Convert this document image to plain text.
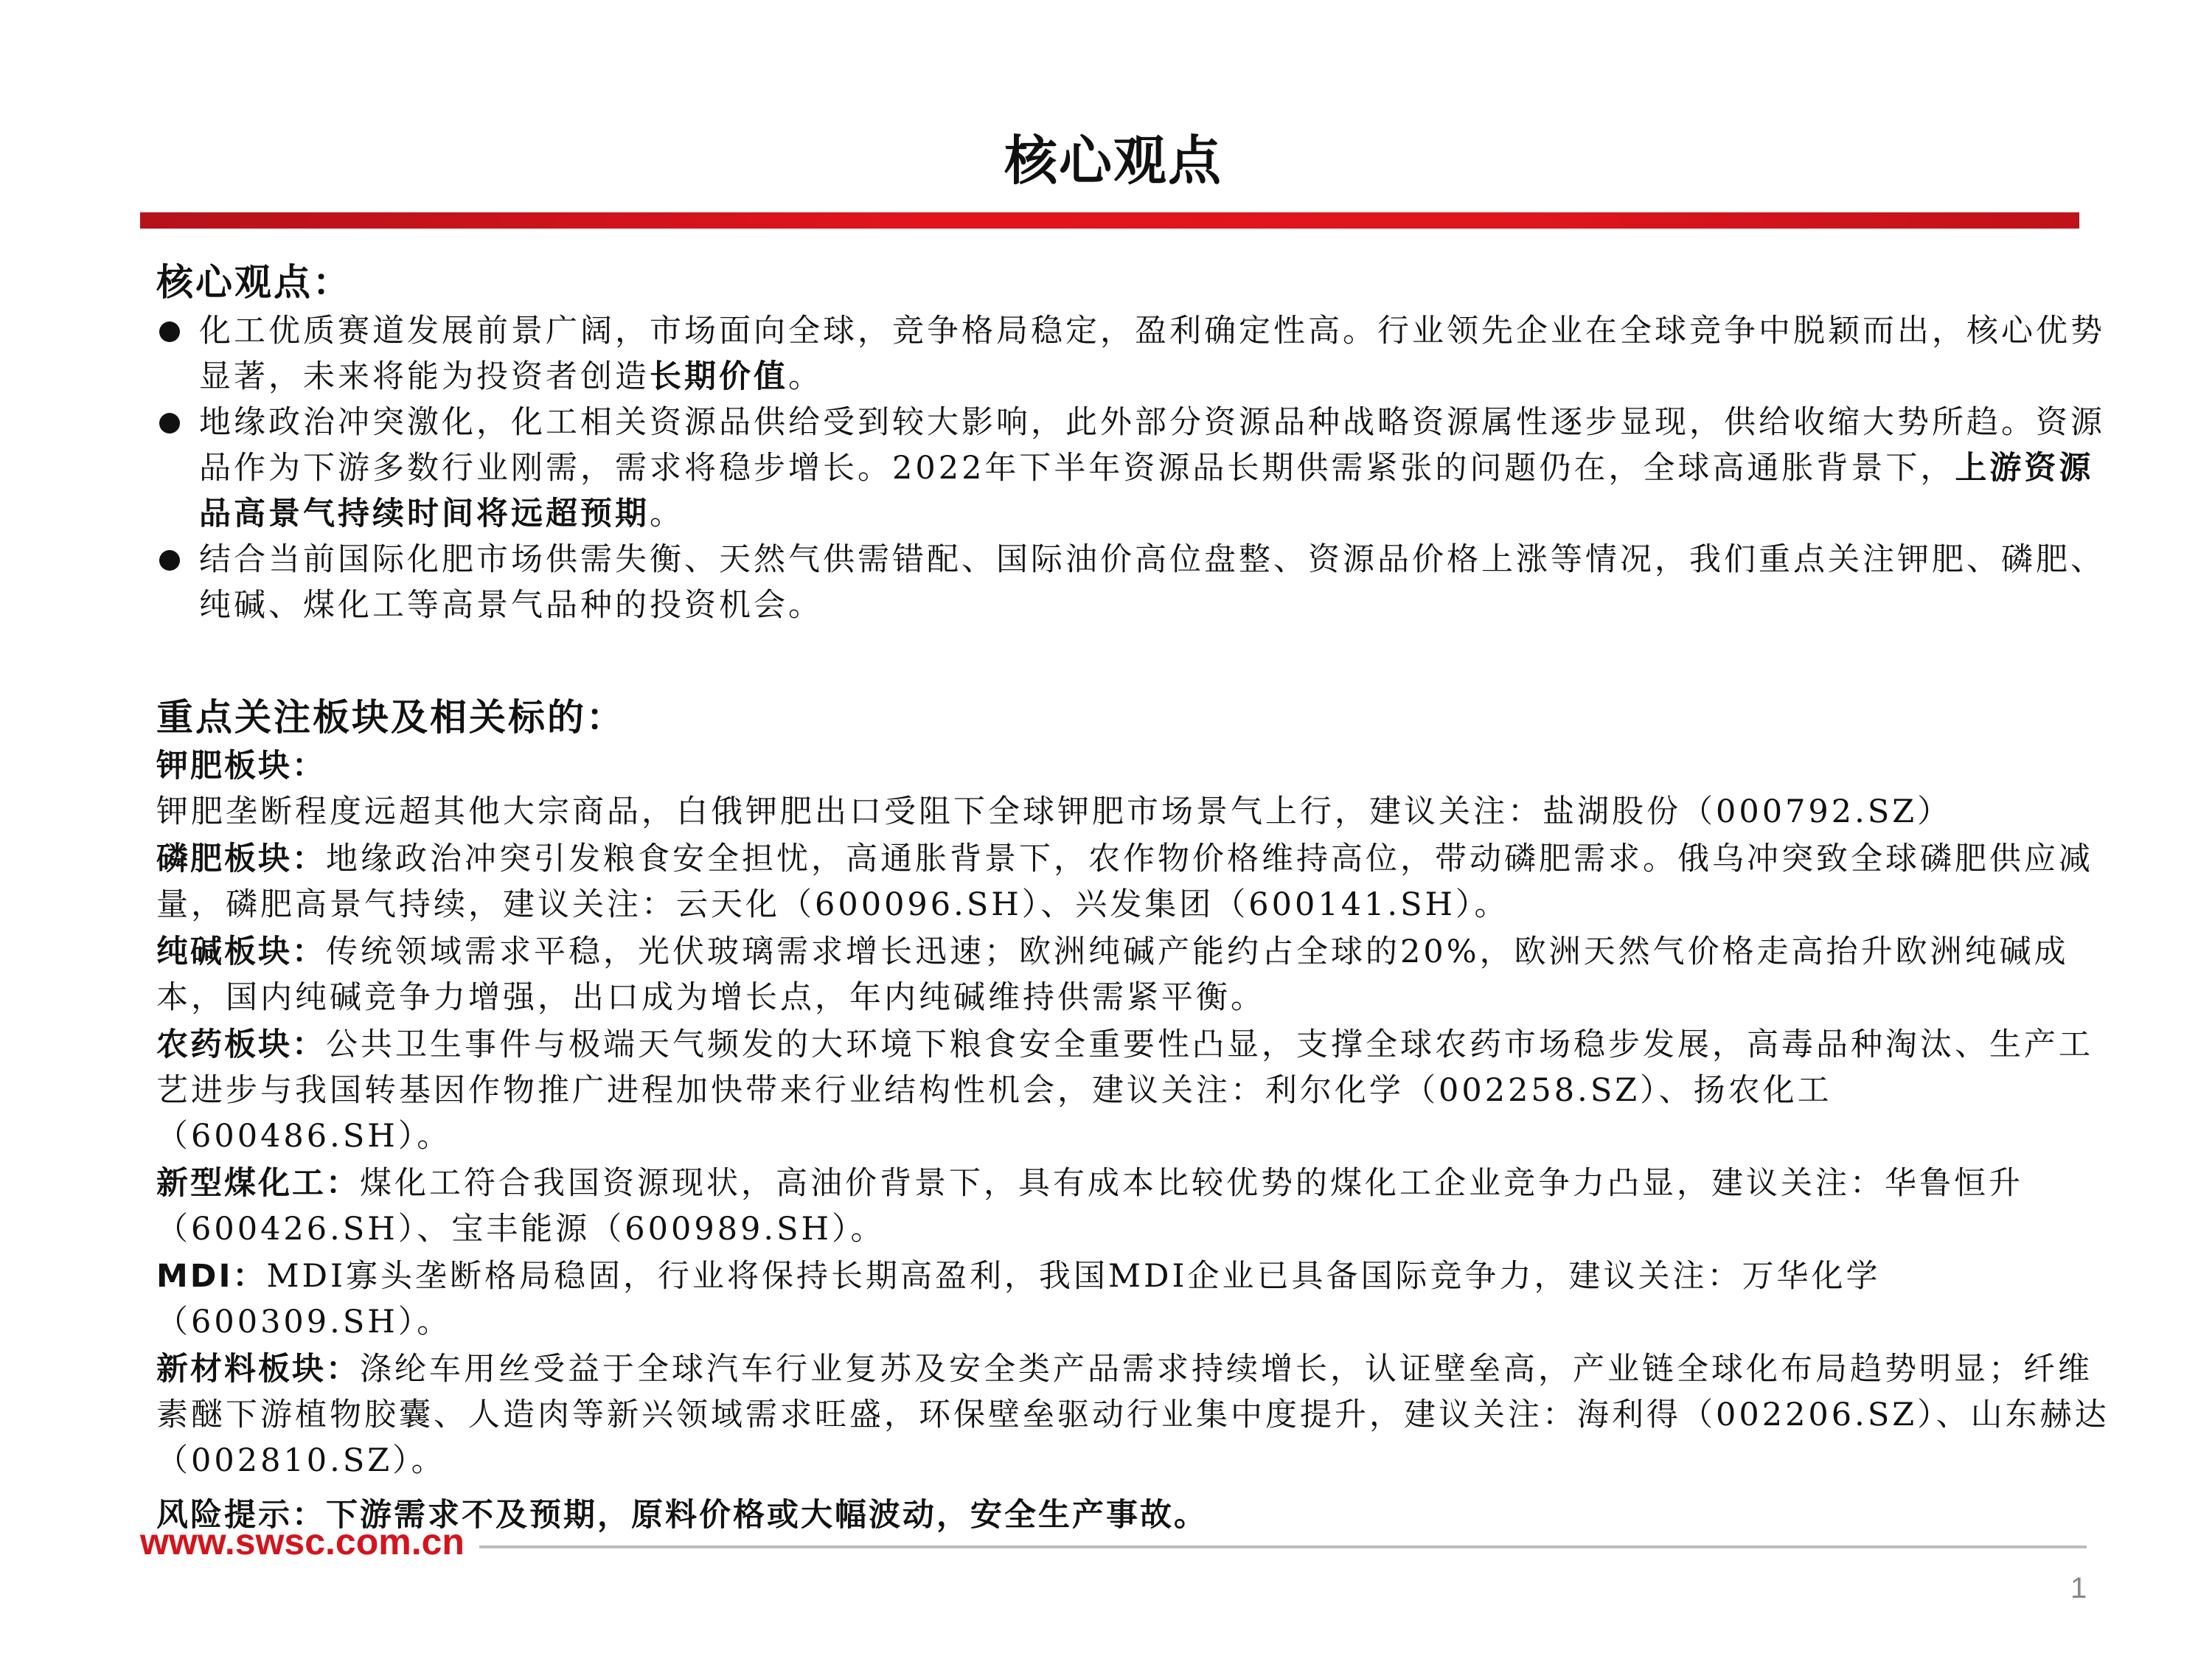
核心观点
核心观点：
化工优质赛道发展前景广阔，市场面向全球，竞争格局稳定，盈利确定性高。行业领先企业在全球竞争中脱颖而出，核心优势显著，未来将能为投资者创造长期价值。
地缘政治冲突激化，化工相关资源品供给受到较大影响，此外部分资源品种战略资源属性逐步显现，供给收缩大势所趋。资源品作为下游多数行业刚需，需求将稳步增长。2022年下半年资源品长期供需紧张的问题仍在，全球高通胀背景下，上游资源品高景气持续时间将远超预期。
结合当前国际化肥市场供需失衡、天然气供需错配、国际油价高位盘整、资源品价格上涨等情况，我们重点关注钾肥、磷肥、纯碱、煤化工等高景气品种的投资机会。
重点关注板块及相关标的：
钾肥板块：钾肥垄断程度远超其他大宗商品，白俄钾肥出口受阻下全球钾肥市场景气上行，建议关注：盐湖股份（000792.SZ）
磷肥板块：地缘政治冲突引发粮食安全担忧，高通胀背景下，农作物价格维持高位，带动磷肥需求。俄乌冲突致全球磷肥供应减量，磷肥高景气持续，建议关注：云天化（600096.SH）、兴发集团（600141.SH）。
纯碱板块：传统领域需求平稳，光伏玻璃需求增长迅速；欧洲纯碱产能约占全球的20%，欧洲天然气价格走高抬升欧洲纯碱成本，国内纯碱竞争力增强，出口成为增长点，年内纯碱维持供需紧平衡。
农药板块：公共卫生事件与极端天气频发的大环境下粮食安全重要性凸显，支撑全球农药市场稳步发展，高毒品种淘汰、生产工艺进步与我国转基因作物推广进程加快带来行业结构性机会，建议关注：利尔化学（002258.SZ）、扬农化工（600486.SH）。
新型煤化工：煤化工符合我国资源现状，高油价背景下，具有成本比较优势的煤化工企业竞争力凸显，建议关注：华鲁恒升（600426.SH）、宝丰能源（600989.SH）。
MDI：MDI寡头垄断格局稳固，行业将保持长期高盈利，我国MDI企业已具备国际竞争力，建议关注：万华化学（600309.SH）。
新材料板块：涤纶车用丝受益于全球汽车行业复苏及安全类产品需求持续增长，认证壁垒高，产业链全球化布局趋势明显；纤维素醚下游植物胶囊、人造肉等新兴领域需求旺盛，环保壁垒驱动行业集中度提升，建议关注：海利得（002206.SZ）、山东赫达（002810.SZ）。
风险提示：下游需求不及预期，原料价格或大幅波动，安全生产事故。
www.swsc.com.cn
1
